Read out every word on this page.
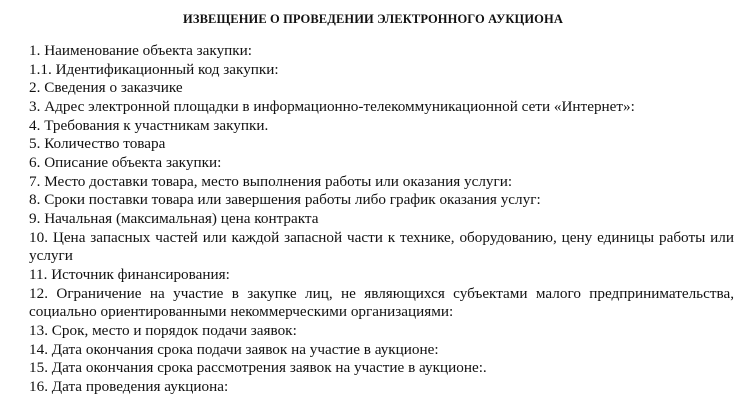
ИЗВЕЩЕНИЕ О ПРОВЕДЕНИИ ЭЛЕКТРОННОГО АУКЦИОНА
1. Наименование объекта закупки:
1.1. Идентификационный код закупки:
2. Сведения о заказчике
3. Адрес электронной площадки в информационно-телекоммуникационной сети «Интернет»:
4. Требования к участникам закупки.
5. Количество товара
6. Описание объекта закупки:
7. Место доставки товара, место выполнения работы или оказания услуги:
8. Сроки поставки товара или завершения работы либо график оказания услуг:
9. Начальная (максимальная) цена контракта
10. Цена запасных частей или каждой запасной части к технике, оборудованию, цену единицы работы или услуги
11. Источник финансирования:
12. Ограничение на участие в закупке лиц, не являющихся субъектами малого предпринимательства, социально ориентированными некоммерческими организациями:
13. Срок, место и порядок подачи заявок:
14. Дата окончания срока подачи заявок на участие в аукционе:
15. Дата окончания срока рассмотрения заявок на участие в аукционе:.
16. Дата проведения аукциона:
